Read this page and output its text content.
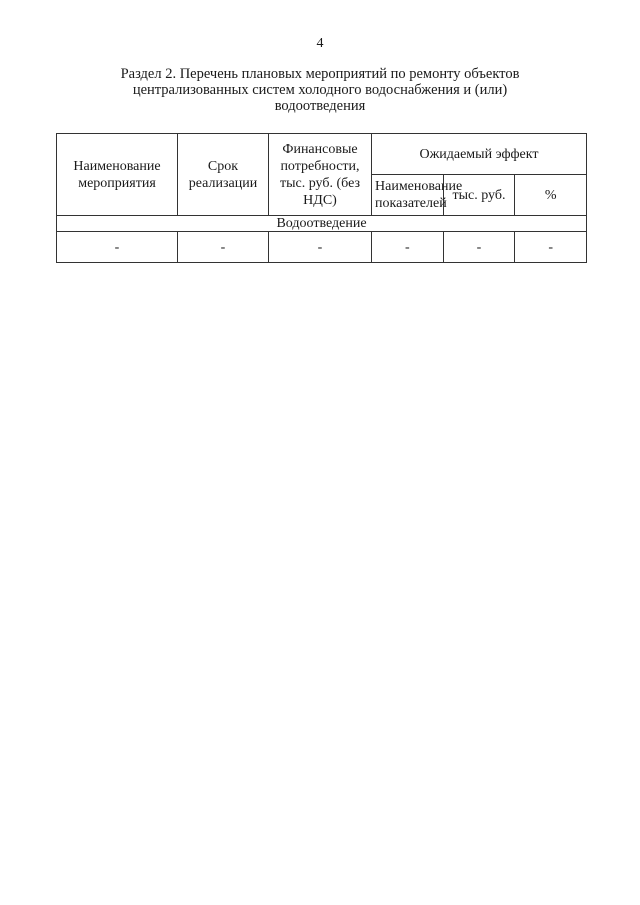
4
Раздел 2. Перечень плановых мероприятий по ремонту объектов
централизованных систем холодного водоснабжения и (или)
водоотведения
Наименование мероприятия	Срок реализации	Финансовые потребности, тыс. руб. (без НДС)	Ожидаемый эффект		
			Наименование показателей	тыс. руб.	%
Водоотведение					
-	-	-	-	-	-
